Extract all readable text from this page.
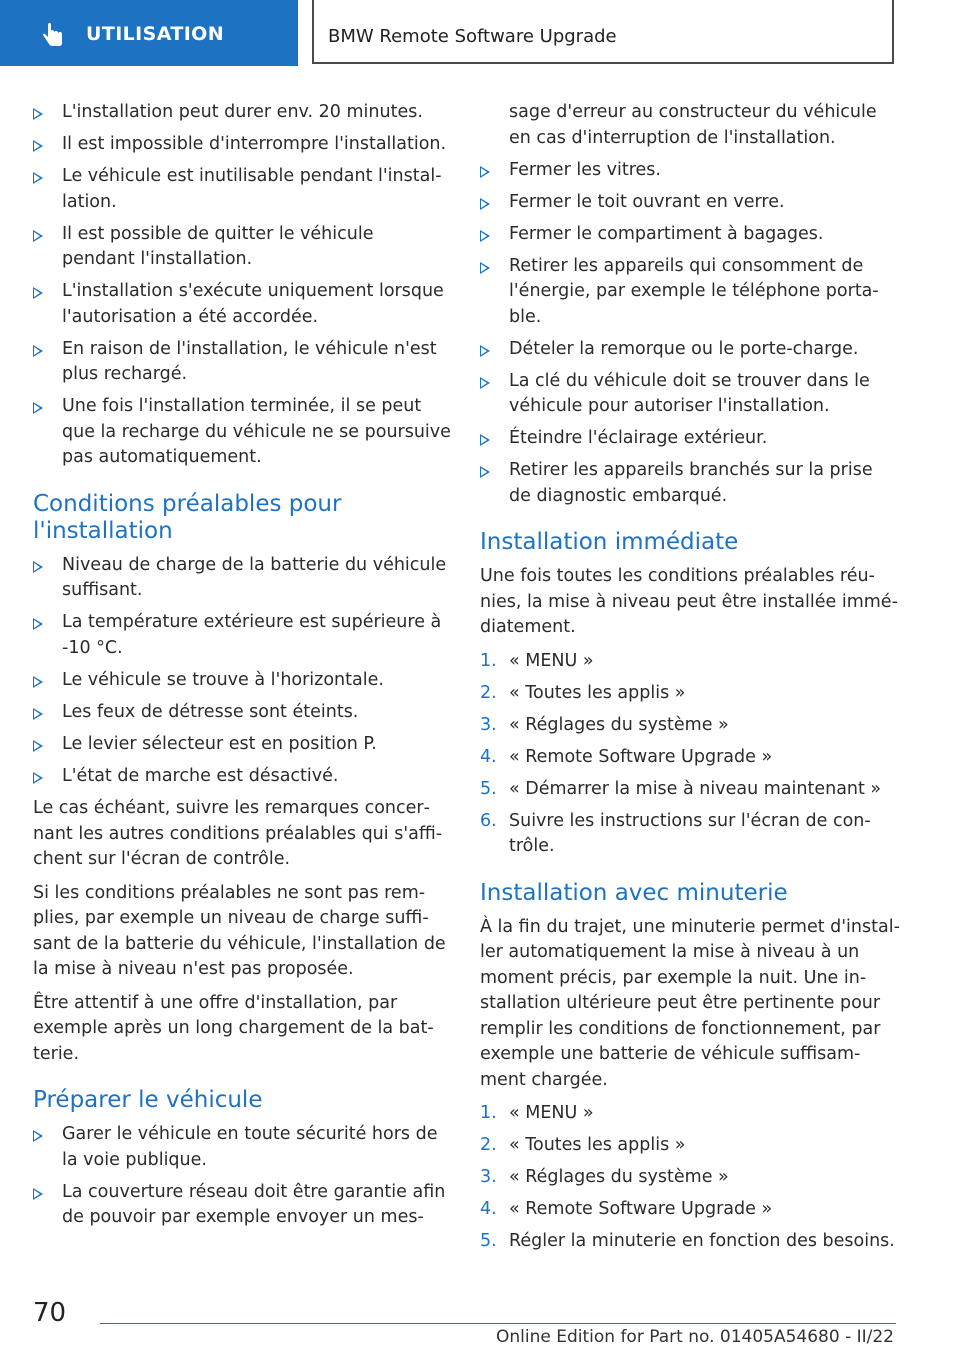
UTILISATION	BMW Remote Software Upgrade
L'installation peut durer env. 20 minutes.
Il est impossible d'interrompre l'installation.
Le véhicule est inutilisable pendant l'instal‐lation.
Il est possible de quitter le véhicule pendant l'installation.
L'installation s'exécute uniquement lorsque l'autorisation a été accordée.
En raison de l'installation, le véhicule n'est plus rechargé.
Une fois l'installation terminée, il se peut que la recharge du véhicule ne se poursuive pas automatiquement.
Conditions préalables pour l'installation
Niveau de charge de la batterie du véhicule suffisant.
La température extérieure est supérieure à -10 °C.
Le véhicule se trouve à l'horizontale.
Les feux de détresse sont éteints.
Le levier sélecteur est en position P.
L'état de marche est désactivé.

Le cas échéant, suivre les remarques concer‐nant les autres conditions préalables qui s'affi‐chent sur l'écran de contrôle.

Si les conditions préalables ne sont pas rem‐plies, par exemple un niveau de charge suffi‐sant de la batterie du véhicule, l'installation de la mise à niveau n'est pas proposée.

Être attentif à une offre d'installation, par exemple après un long chargement de la bat‐terie.

Préparer le véhicule
Garer le véhicule en toute sécurité hors de la voie publique.
La couverture réseau doit être garantie afin de pouvoir par exemple envoyer un mes‐
sage d'erreur au constructeur du véhicule en cas d'interruption de l'installation.
Fermer les vitres.
Fermer le toit ouvrant en verre.
Fermer le compartiment à bagages.
Retirer les appareils qui consomment de l'énergie, par exemple le téléphone porta‐ble.
Dételer la remorque ou le porte-charge.
La clé du véhicule doit se trouver dans le véhicule pour autoriser l'installation.
Éteindre l'éclairage extérieur.
Retirer les appareils branchés sur la prise de diagnostic embarqué.
Installation immédiate

Une fois toutes les conditions préalables réu‐nies, la mise à niveau peut être installée immé‐diatement.

1. « MENU »
2. « Toutes les applis »
3. « Réglages du système »
4. « Remote Software Upgrade »
5. « Démarrer la mise à niveau maintenant »
6. Suivre les instructions sur l'écran de con‐trôle.
Installation avec minuterie

À la fin du trajet, une minuterie permet d'instal‐ler automatiquement la mise à niveau à un moment précis, par exemple la nuit. Une in‐stallation ultérieure peut être pertinente pour remplir les conditions de fonctionnement, par exemple une batterie de véhicule suffisam‐ment chargée.

1. « MENU »
2. « Toutes les applis »
3. « Réglages du système »
4. « Remote Software Upgrade »
5. Régler la minuterie en fonction des besoins.
70
Online Edition for Part no. 01405A54680 - II/22
